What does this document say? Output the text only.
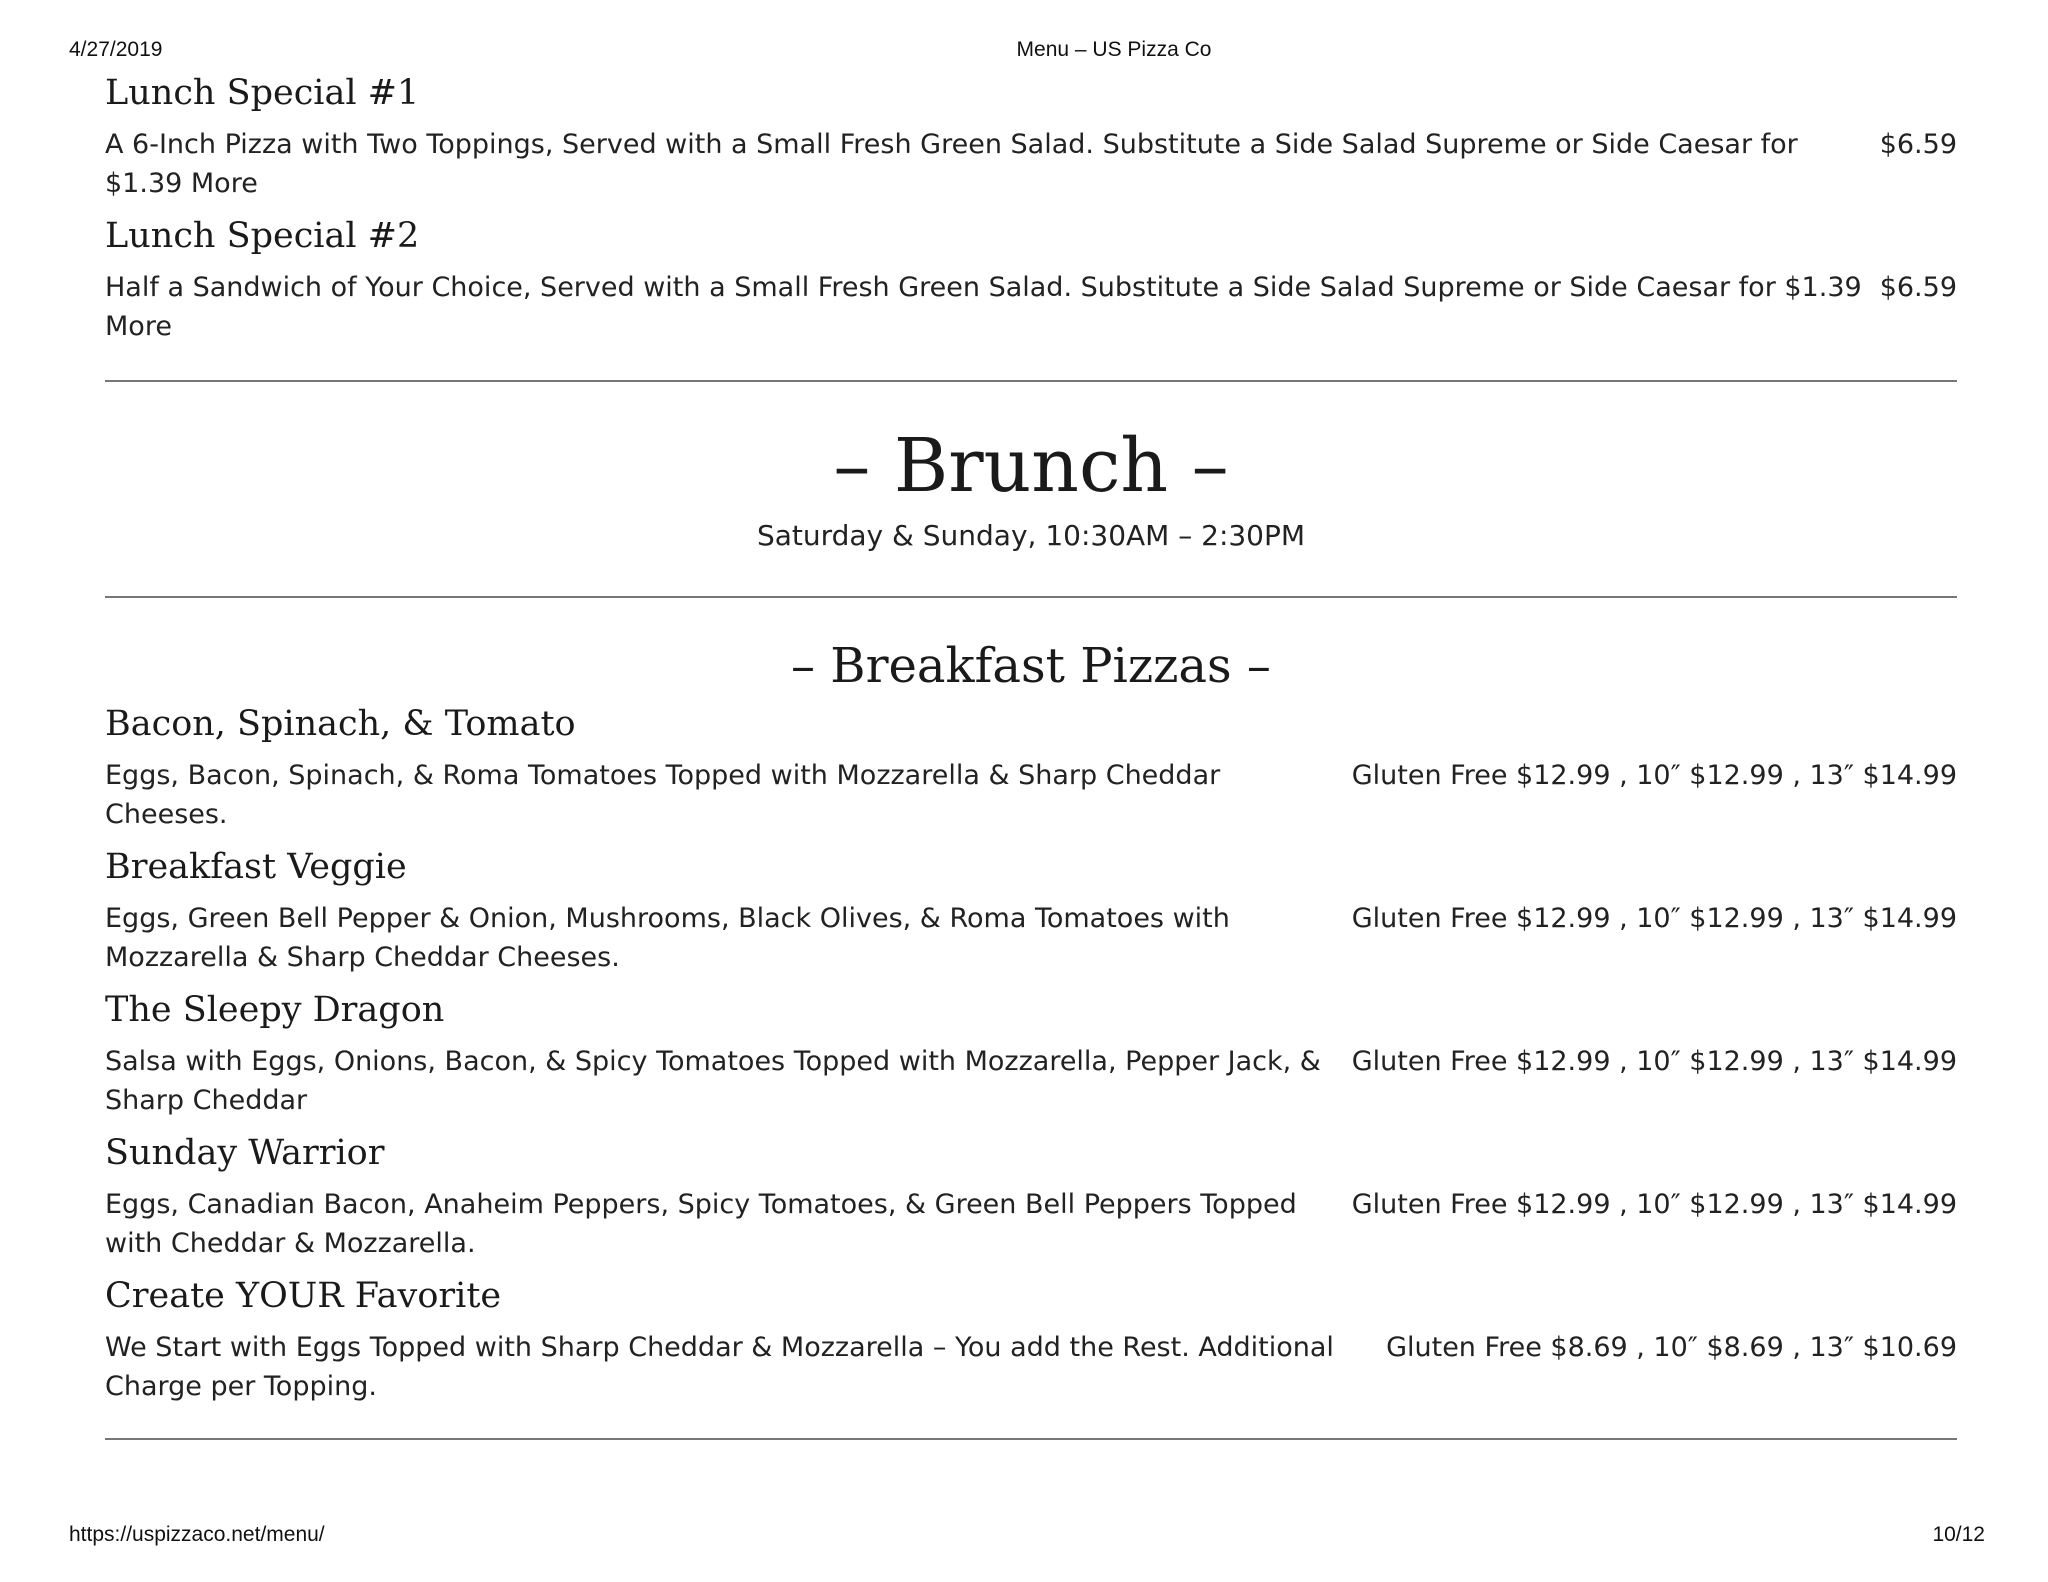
4/27/2019	Menu – US Pizza Co
Lunch Special #1
A 6-Inch Pizza with Two Toppings, Served with a Small Fresh Green Salad. Substitute a Side Salad Supreme or Side Caesar for $1.39 More
$6.59
Lunch Special #2
Half a Sandwich of Your Choice, Served with a Small Fresh Green Salad. Substitute a Side Salad Supreme or Side Caesar for $1.39 More
$6.59
– Brunch –
Saturday & Sunday, 10:30AM – 2:30PM
– Breakfast Pizzas –
Bacon, Spinach, & Tomato
Eggs, Bacon, Spinach, & Roma Tomatoes Topped with Mozzarella & Sharp Cheddar Cheeses.
Gluten Free $12.99 , 10″ $12.99 , 13″ $14.99
Breakfast Veggie
Eggs, Green Bell Pepper & Onion, Mushrooms, Black Olives, & Roma Tomatoes with Mozzarella & Sharp Cheddar Cheeses.
Gluten Free $12.99 , 10″ $12.99 , 13″ $14.99
The Sleepy Dragon
Salsa with Eggs, Onions, Bacon, & Spicy Tomatoes Topped with Mozzarella, Pepper Jack, & Sharp Cheddar
Gluten Free $12.99 , 10″ $12.99 , 13″ $14.99
Sunday Warrior
Eggs, Canadian Bacon, Anaheim Peppers, Spicy Tomatoes, & Green Bell Peppers Topped with Cheddar & Mozzarella.
Gluten Free $12.99 , 10″ $12.99 , 13″ $14.99
Create YOUR Favorite
We Start with Eggs Topped with Sharp Cheddar & Mozzarella – You add the Rest. Additional Charge per Topping.
Gluten Free $8.69 , 10″ $8.69 , 13″ $10.69
https://uspizzaco.net/menu/	10/12
